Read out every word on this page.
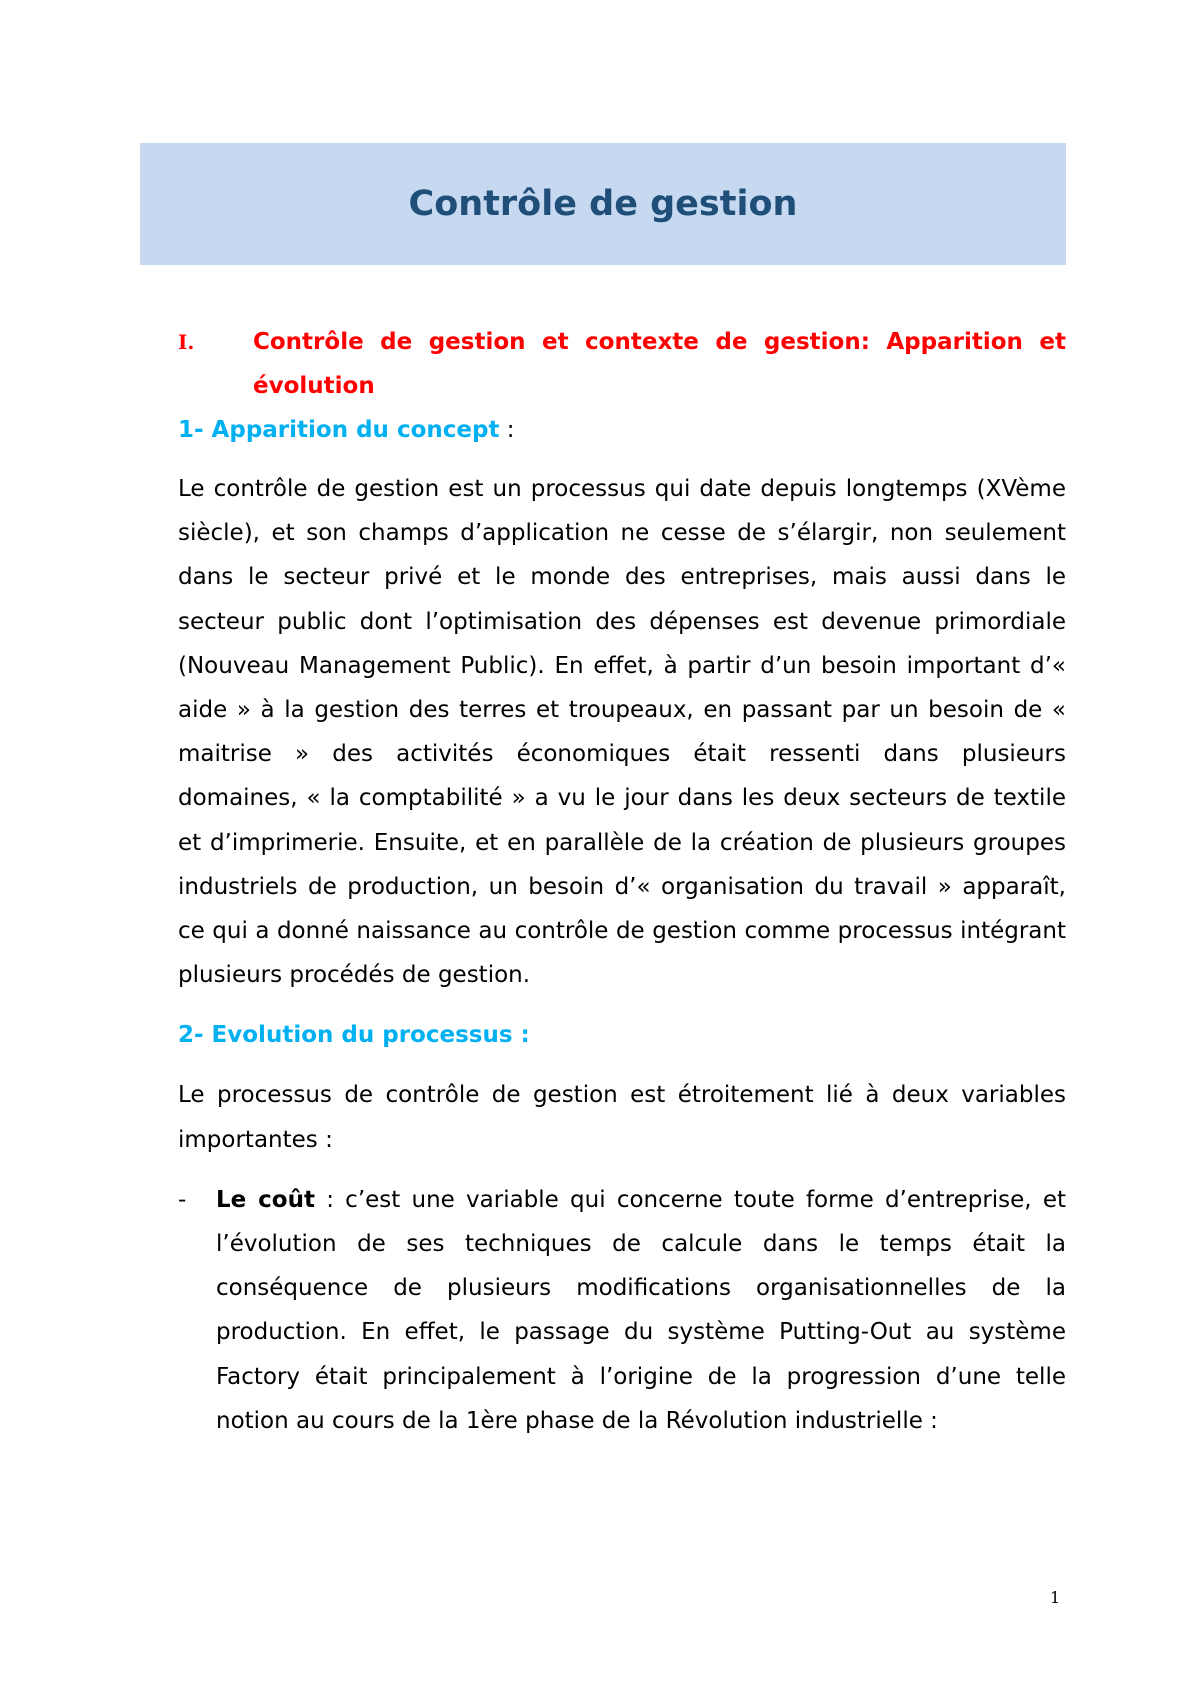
Contrôle de gestion
I.	Contrôle de gestion et contexte de gestion: Apparition et évolution

1- Apparition du concept :

Le contrôle de gestion est un processus qui date depuis longtemps (XVème siècle), et son champs d’application ne cesse de s’élargir, non seulement dans le secteur privé et le monde des entreprises, mais aussi dans le secteur public dont l’optimisation des dépenses est devenue primordiale (Nouveau Management Public). En effet, à partir d’un besoin important d’« aide » à la gestion des terres et troupeaux, en passant par un besoin de « maitrise » des activités économiques était ressenti dans plusieurs domaines, « la comptabilité » a vu le jour dans les deux secteurs de textile et d’imprimerie. Ensuite, et en parallèle de la création de plusieurs groupes industriels de production, un besoin d’« organisation du travail » apparaît, ce qui a donné naissance au contrôle de gestion comme processus intégrant plusieurs procédés de gestion.

2- Evolution du processus :

Le processus de contrôle de gestion est étroitement lié à deux variables importantes :

- Le coût : c’est une variable qui concerne toute forme d’entreprise, et l’évolution de ses techniques de calcule dans le temps était la conséquence de plusieurs modifications organisationnelles de la production. En effet, le passage du système Putting-Out au système Factory était principalement à l’origine de la progression d’une telle notion au cours de la 1ère phase de la Révolution industrielle :
1
